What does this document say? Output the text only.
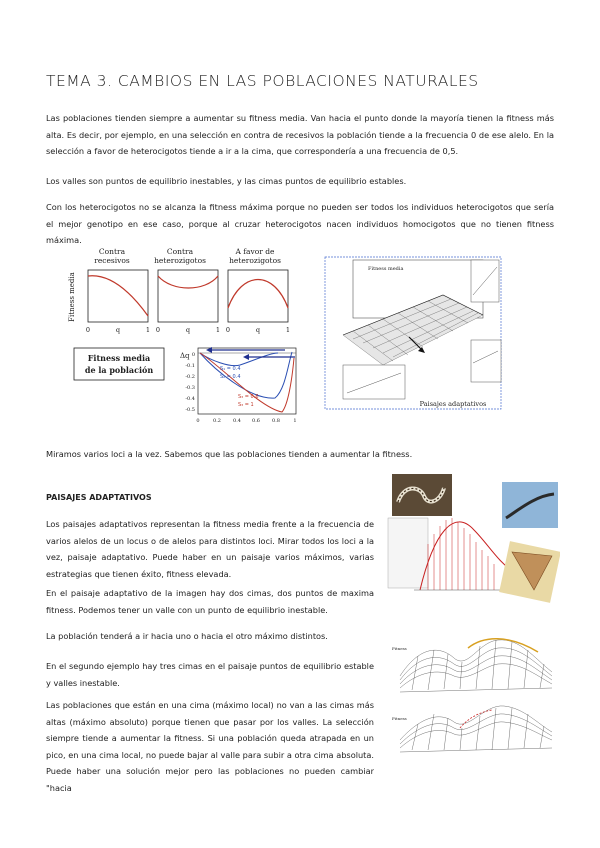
TEMA 3. CAMBIOS EN LAS POBLACIONES NATURALES

Las poblaciones tienden siempre a aumentar su fitness media. Van hacia el punto donde la mayoría tienen la fitness más alta. Es decir, por ejemplo, en una selección en contra de recesivos la población tiende a la frecuencia 0 de ese alelo. En la selección a favor de heterocigotos tiende a ir a la cima, que correspondería a una frecuencia de 0,5.

Los valles son puntos de equilibrio inestables, y las cimas puntos de equilibrio estables.

Con los heterocigotos no se alcanza la fitness máxima porque no pueden ser todos los individuos heterocigotos que sería el mejor genotipo en ese caso, porque al cruzar heterocigotos nacen individuos homocigotos que no tienen fitness máxima.

Contra
recesivos
Contra
heterozigotos
A favor de
heterozigotos
Fitness media
0	q	1 0	q	1 0	q	1
Fitness media
de la población
Δq 0
-0.1
-0.2
-0.3
-0.4
-0.5
0	0.2 0.4 0.6 0.8	1
S₁ = 0.4
S₂ = 0.4
S₃ = 0.6
S₃ = 1
Fitness media
Paisajes adaptativos

Miramos varios loci a la vez. Sabemos que las poblaciones tienden a aumentar la fitness.

PAISAJES ADAPTATIVOS

Los paisajes adaptativos representan la fitness media frente a la frecuencia de varios alelos de un locus o de alelos para distintos loci. Mirar todos los loci a la vez, paisaje adaptativo. Puede haber en un paisaje varios máximos, varias estrategias que tienen éxito, fitness elevada.

En el paisaje adaptativo de la imagen hay dos cimas, dos puntos de maxima fitness. Podemos tener un valle con un punto de equilibrio inestable.

La población tenderá a ir hacia uno o hacia el otro máximo distintos.

En el segundo ejemplo hay tres cimas en el paisaje puntos de equilibrio estable y valles inestable.

Las poblaciones que están en una cima (máximo local) no van a las cimas más altas (máximo absoluto) porque tienen que pasar por los valles. La selección siempre tiende a aumentar la fitness. Si una población queda atrapada en un pico, en una cima local, no puede bajar al valle para subir a otra cima absoluta. Puede haber una solución mejor pero las poblaciones no pueden cambiar "hacia

Fitness
Fitness
